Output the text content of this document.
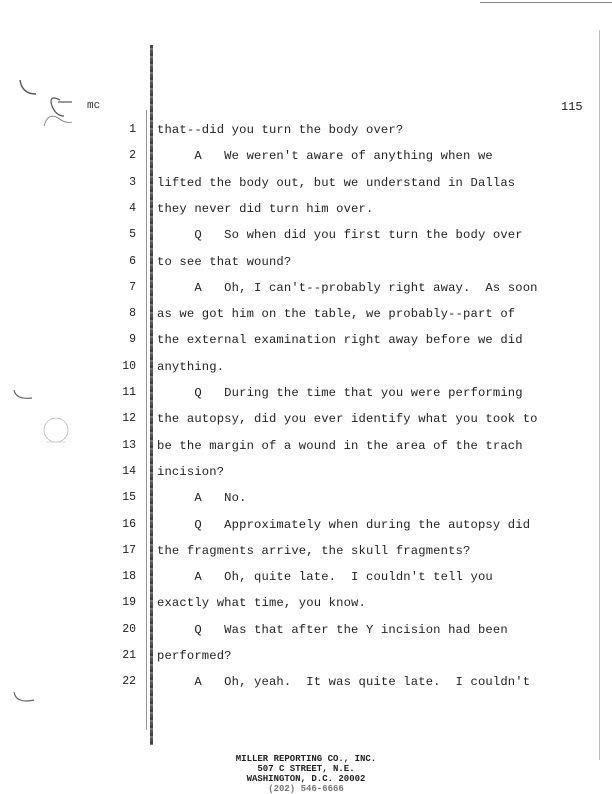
mc	115
1 that--did you turn the body over?
2 A   We weren't aware of anything when we
3 lifted the body out, but we understand in Dallas
4 they never did turn him over.
5 Q   So when did you first turn the body over
6 to see that wound?
7 A   Oh, I can't--probably right away.  As soon
8 as we got him on the table, we probably--part of
9 the external examination right away before we did
10 anything.
11 Q   During the time that you were performing
12 the autopsy, did you ever identify what you took to
13 be the margin of a wound in the area of the trach
14 incision?
15 A   No.
16 Q   Approximately when during the autopsy did
17 the fragments arrive, the skull fragments?
18 A   Oh, quite late.  I couldn't tell you
19 exactly what time, you know.
20 Q   Was that after the Y incision had been
21 performed?
22 A   Oh, yeah.  It was quite late.  I couldn't
MILLER REPORTING CO., INC.
507 C STREET, N.E.
WASHINGTON, D.C. 20002
(202) 546-6666
